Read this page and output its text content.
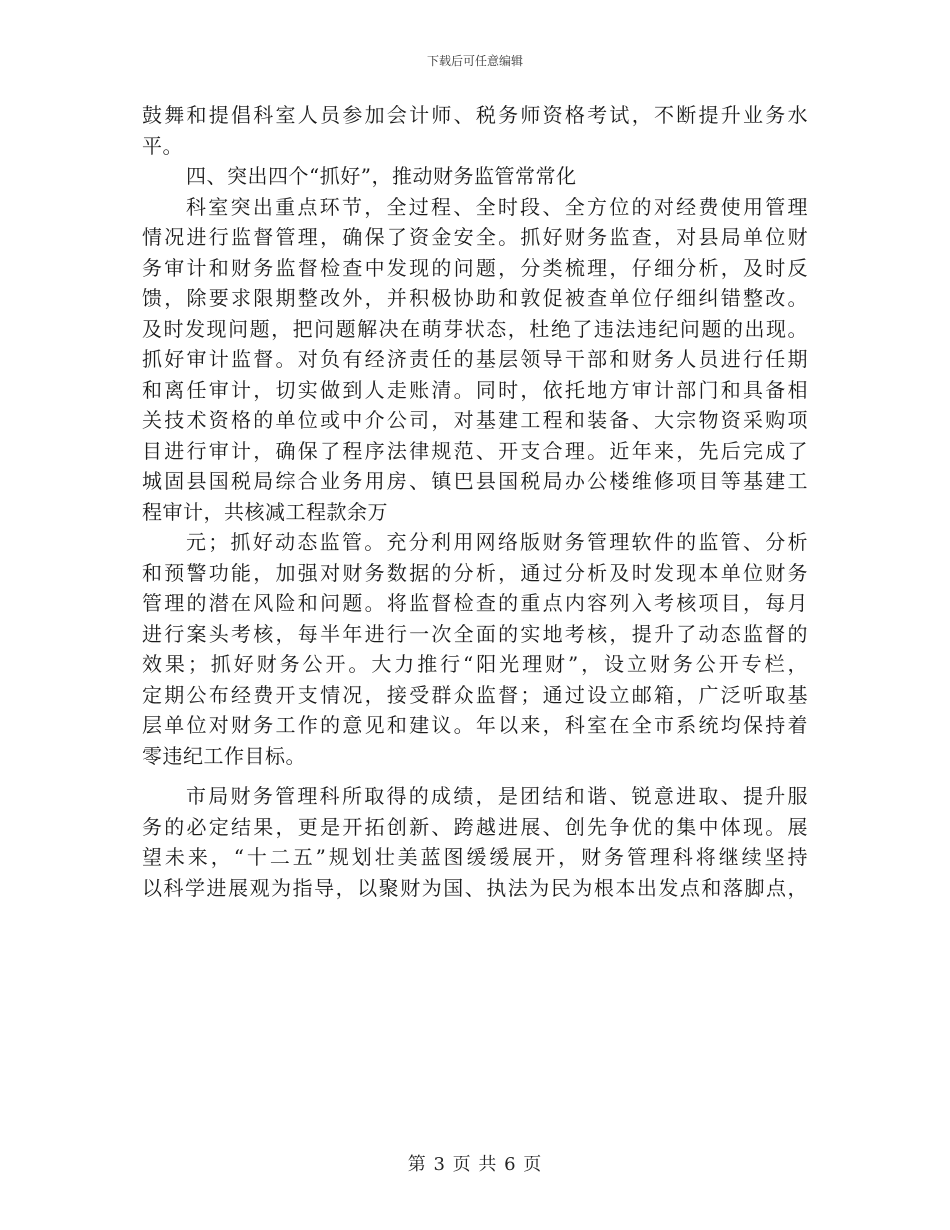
下载后可任意编辑
鼓舞和提倡科室人员参加会计师、税务师资格考试，不断提升业务水
平。
四、突出四个“抓好”，推动财务监管常常化
科室突出重点环节，全过程、全时段、全方位的对经费使用管理
情况进行监督管理，确保了资金安全。抓好财务监查，对县局单位财
务审计和财务监督检查中发现的问题，分类梳理，仔细分析，及时反
馈，除要求限期整改外，并积极协助和敦促被查单位仔细纠错整改。
及时发现问题，把问题解决在萌芽状态，杜绝了违法违纪问题的出现。
抓好审计监督。对负有经济责任的基层领导干部和财务人员进行任期
和离任审计，切实做到人走账清。同时，依托地方审计部门和具备相
关技术资格的单位或中介公司，对基建工程和装备、大宗物资采购项
目进行审计，确保了程序法律规范、开支合理。近年来，先后完成了
城固县国税局综合业务用房、镇巴县国税局办公楼维修项目等基建工
程审计，共核减工程款余万
元；抓好动态监管。充分利用网络版财务管理软件的监管、分析
和预警功能，加强对财务数据的分析，通过分析及时发现本单位财务
管理的潜在风险和问题。将监督检查的重点内容列入考核项目，每月
进行案头考核，每半年进行一次全面的实地考核，提升了动态监督的
效果；抓好财务公开。大力推行“阳光理财”，设立财务公开专栏，
定期公布经费开支情况，接受群众监督；通过设立邮箱，广泛听取基
层单位对财务工作的意见和建议。年以来，科室在全市系统均保持着
零违纪工作目标。
市局财务管理科所取得的成绩，是团结和谐、锐意进取、提升服
务的必定结果，更是开拓创新、跨越进展、创先争优的集中体现。展
望未来，“十二五”规划壮美蓝图缓缓展开，财务管理科将继续坚持
以科学进展观为指导，以聚财为国、执法为民为根本出发点和落脚点，
第 3 页 共 6 页
